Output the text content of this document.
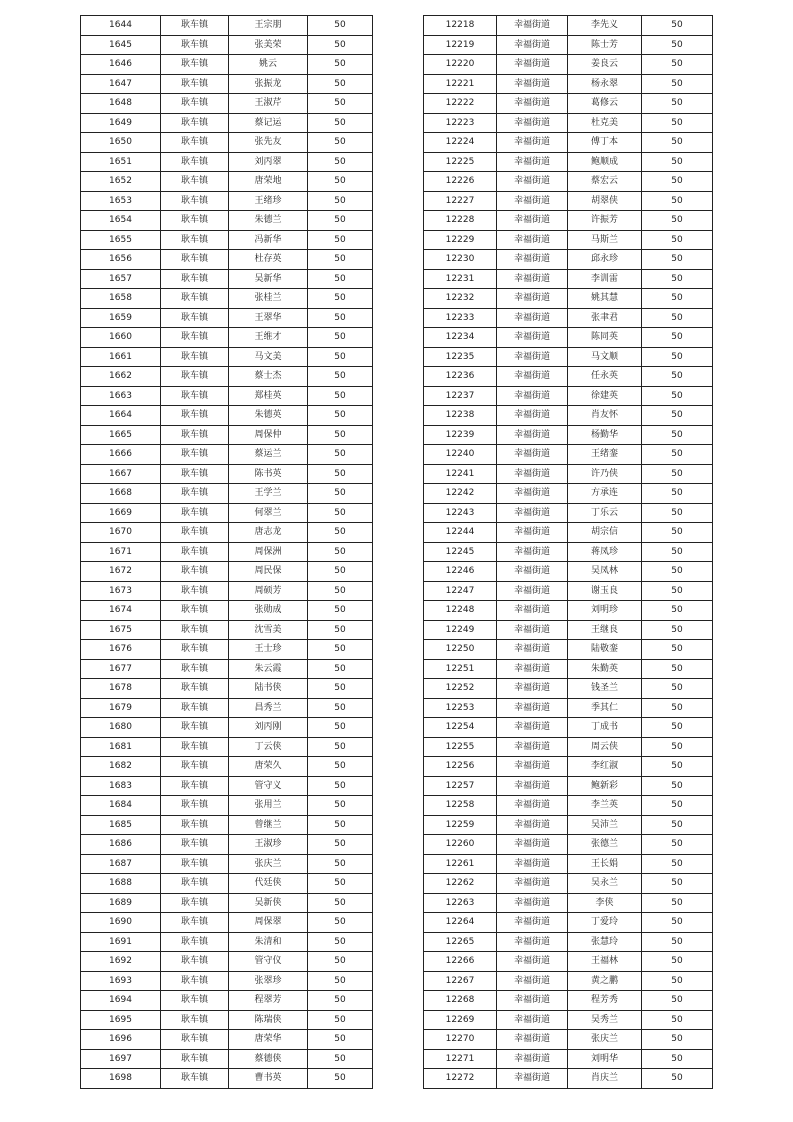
1644	耿车镇	王宗朋	50
1645	耿车镇	张美荣	50
1646	耿车镇	姚云	50
1647	耿车镇	张振龙	50
1648	耿车镇	王淑芹	50
1649	耿车镇	蔡记运	50
1650	耿车镇	张先友	50
1651	耿车镇	刘丙翠	50
1652	耿车镇	唐荣地	50
1653	耿车镇	王绪珍	50
1654	耿车镇	朱德兰	50
1655	耿车镇	冯新华	50
1656	耿车镇	杜存英	50
1657	耿车镇	吴新华	50
1658	耿车镇	张桂兰	50
1659	耿车镇	王翠华	50
1660	耿车镇	王维才	50
1661	耿车镇	马文美	50
1662	耿车镇	蔡士杰	50
1663	耿车镇	郑桂英	50
1664	耿车镇	朱德英	50
1665	耿车镇	周保仲	50
1666	耿车镇	蔡运兰	50
1667	耿车镇	陈书英	50
1668	耿车镇	王学兰	50
1669	耿车镇	何翠兰	50
1670	耿车镇	唐志龙	50
1671	耿车镇	周保洲	50
1672	耿车镇	周民保	50
1673	耿车镇	周硕芳	50
1674	耿车镇	张勋成	50
1675	耿车镇	沈雪美	50
1676	耿车镇	王士珍	50
1677	耿车镇	朱云霞	50
1678	耿车镇	陆书侠	50
1679	耿车镇	昌秀兰	50
1680	耿车镇	刘丙刚	50
1681	耿车镇	丁云侠	50
1682	耿车镇	唐荣久	50
1683	耿车镇	管守义	50
1684	耿车镇	张用兰	50
1685	耿车镇	曾继兰	50
1686	耿车镇	王淑珍	50
1687	耿车镇	张庆兰	50
1688	耿车镇	代廷侠	50
1689	耿车镇	吴新侠	50
1690	耿车镇	周保翠	50
1691	耿车镇	朱清和	50
1692	耿车镇	管守仪	50
1693	耿车镇	张翠珍	50
1694	耿车镇	程翠芳	50
1695	耿车镇	陈瑞侠	50
1696	耿车镇	唐荣华	50
1697	耿车镇	蔡德侠	50
1698	耿车镇	曹书英	50
12218	幸福街道	李先义	50
12219	幸福街道	陈士芳	50
12220	幸福街道	姜良云	50
12221	幸福街道	杨永翠	50
12222	幸福街道	葛修云	50
12223	幸福街道	杜克美	50
12224	幸福街道	傅丁本	50
12225	幸福街道	鲍顺成	50
12226	幸福街道	蔡宏云	50
12227	幸福街道	胡翠侠	50
12228	幸福街道	许振芳	50
12229	幸福街道	马斯兰	50
12230	幸福街道	邱永珍	50
12231	幸福街道	李训雷	50
12232	幸福街道	姚其慧	50
12233	幸福街道	张聿君	50
12234	幸福街道	陈同英	50
12235	幸福街道	马文顺	50
12236	幸福街道	任永英	50
12237	幸福街道	徐建英	50
12238	幸福街道	肖友怀	50
12239	幸福街道	杨勤华	50
12240	幸福街道	王绪銮	50
12241	幸福街道	许乃侠	50
12242	幸福街道	方承连	50
12243	幸福街道	丁乐云	50
12244	幸福街道	胡宗信	50
12245	幸福街道	蒋凤珍	50
12246	幸福街道	吴凤林	50
12247	幸福街道	谢玉良	50
12248	幸福街道	刘明珍	50
12249	幸福街道	王继良	50
12250	幸福街道	陆敬銮	50
12251	幸福街道	朱勤英	50
12252	幸福街道	钱圣兰	50
12253	幸福街道	季其仁	50
12254	幸福街道	丁成书	50
12255	幸福街道	周云侠	50
12256	幸福街道	李红淑	50
12257	幸福街道	鲍新彩	50
12258	幸福街道	李兰英	50
12259	幸福街道	吴沛兰	50
12260	幸福街道	张德兰	50
12261	幸福街道	王长娟	50
12262	幸福街道	吴永兰	50
12263	幸福街道	李侠	50
12264	幸福街道	丁爱玲	50
12265	幸福街道	张慧玲	50
12266	幸福街道	王福林	50
12267	幸福街道	黄之鹏	50
12268	幸福街道	程芳秀	50
12269	幸福街道	吴秀兰	50
12270	幸福街道	张庆兰	50
12271	幸福街道	刘明华	50
12272	幸福街道	肖庆兰	50
